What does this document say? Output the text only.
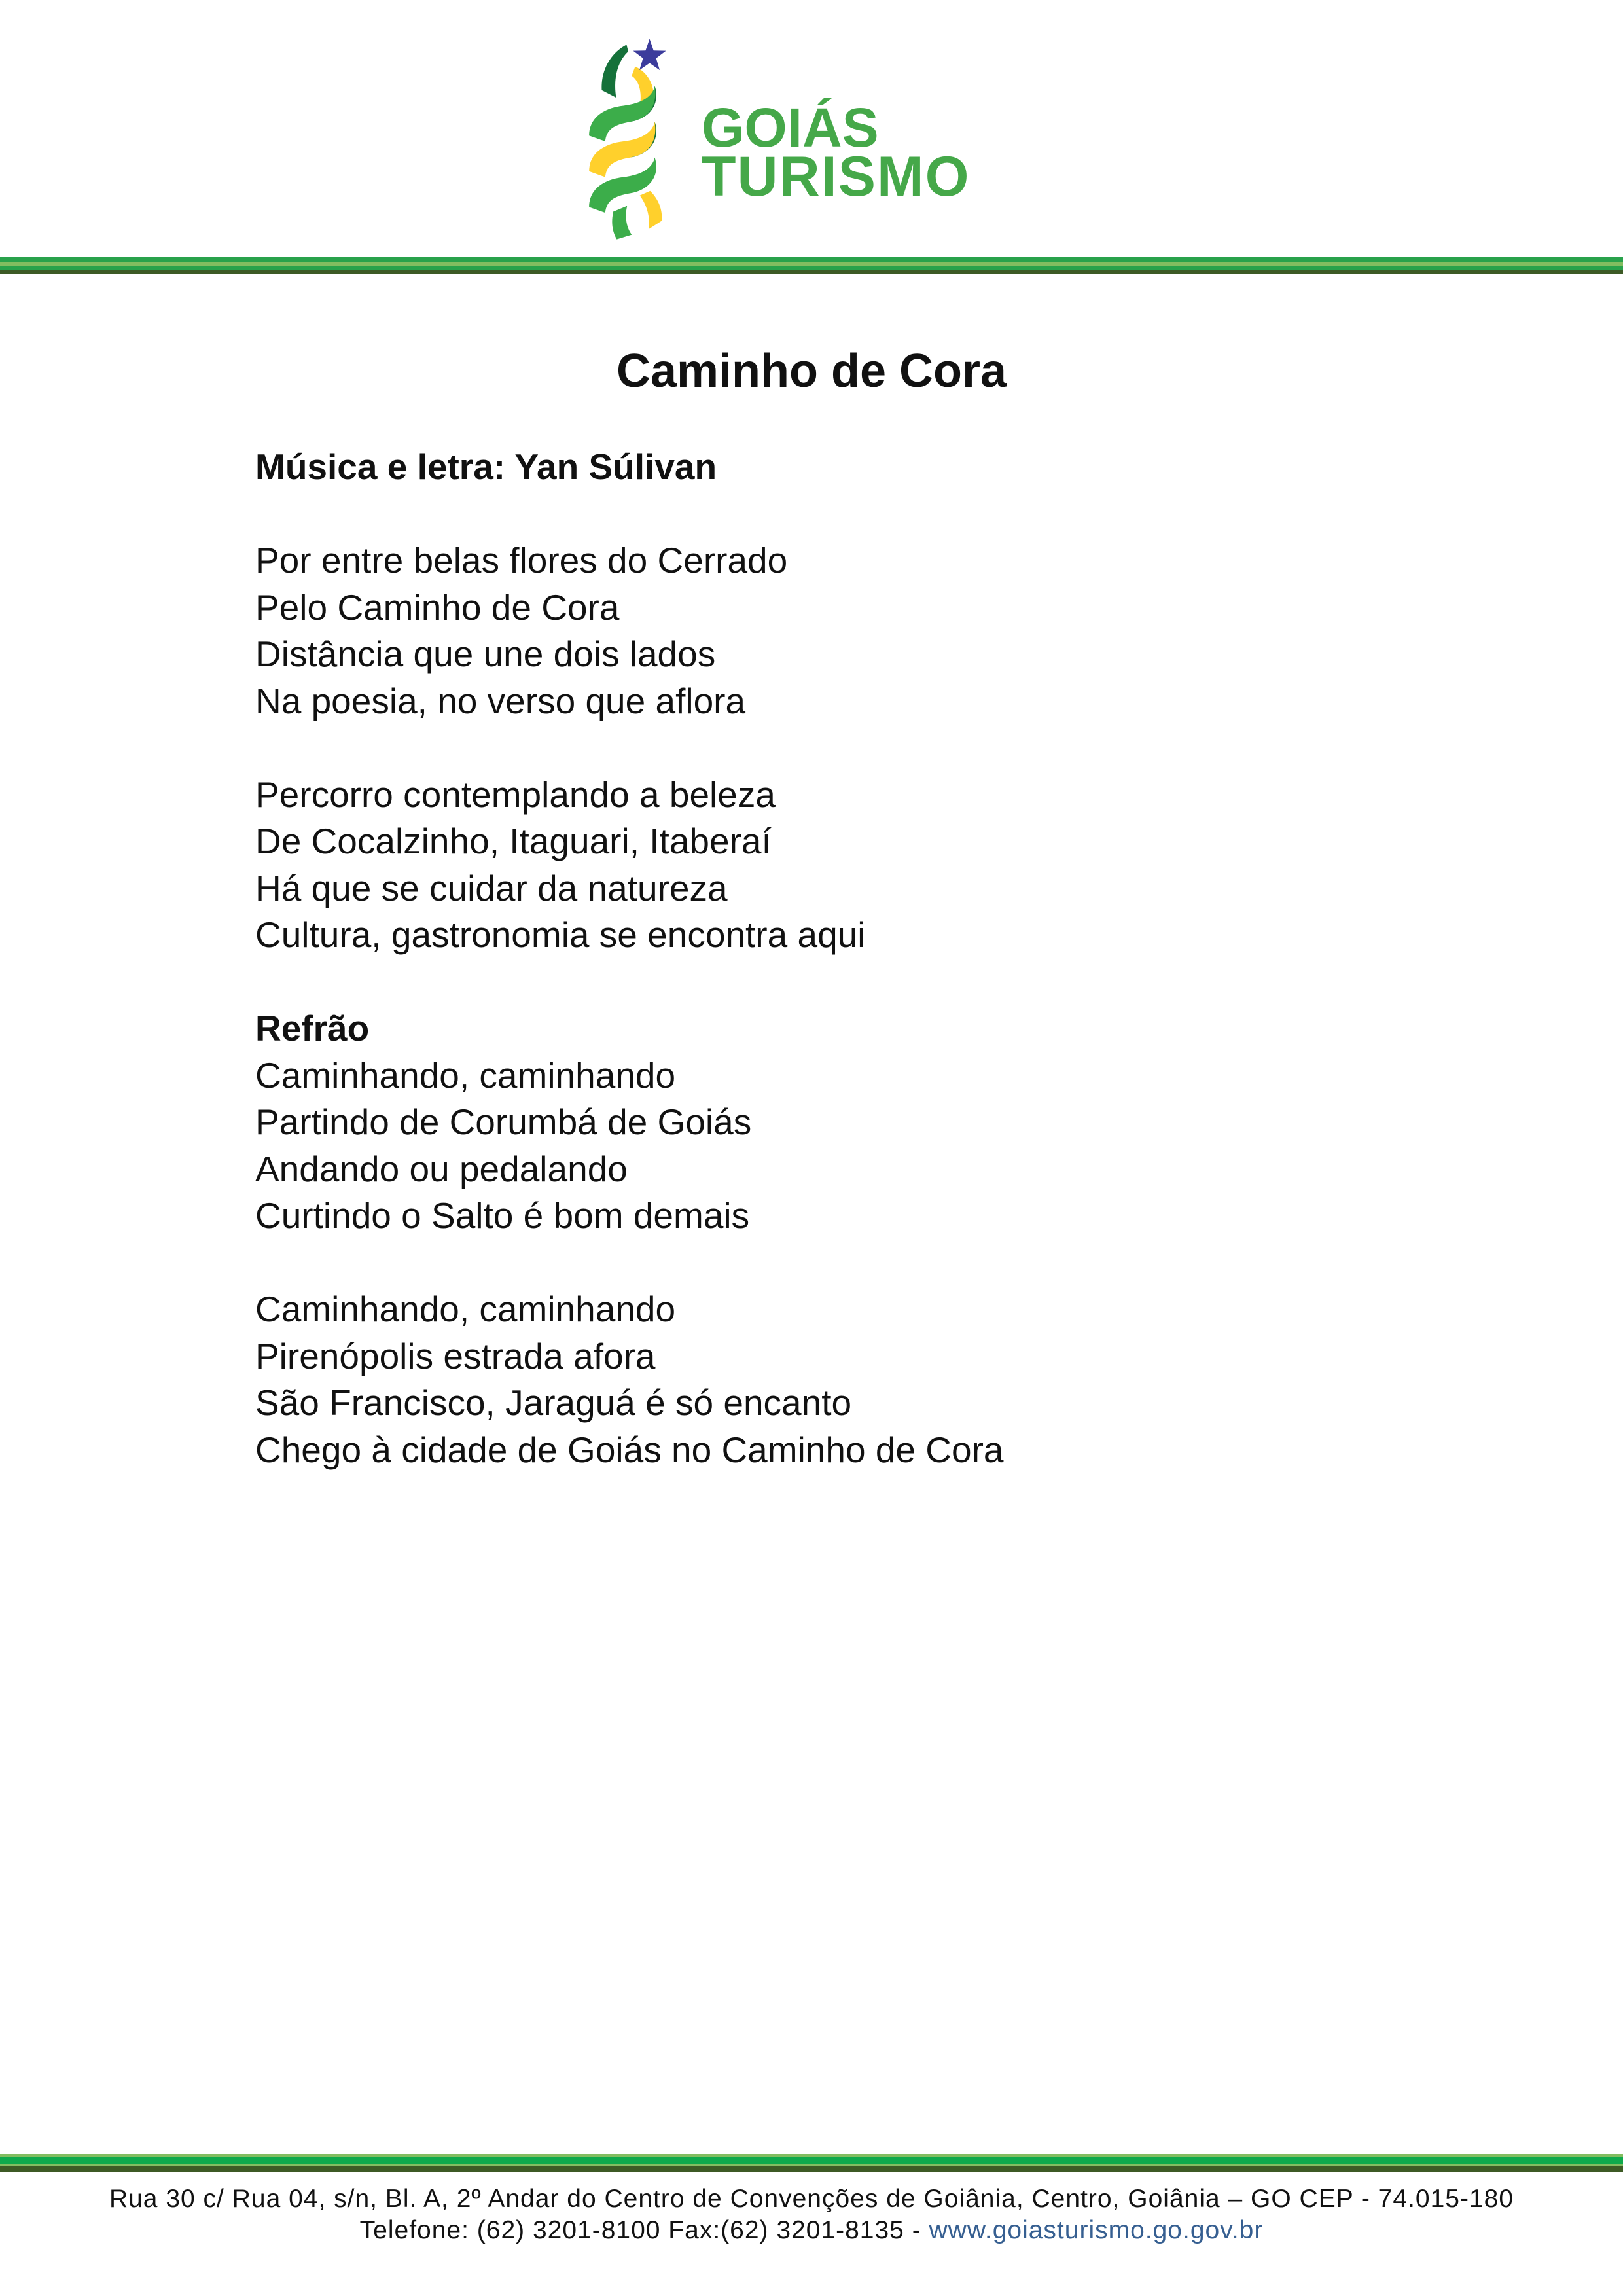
GOIÁS
TURISMO
Caminho de Cora

Música e letra: Yan Súlivan

Por entre belas flores do Cerrado
Pelo Caminho de Cora
Distância que une dois lados
Na poesia, no verso que aflora

Percorro contemplando a beleza
De Cocalzinho, Itaguari, Itaberaí
Há que se cuidar da natureza
Cultura, gastronomia se encontra aqui

Refrão
Caminhando, caminhando
Partindo de Corumbá de Goiás
Andando ou pedalando
Curtindo o Salto é bom demais

Caminhando, caminhando
Pirenópolis estrada afora
São Francisco, Jaraguá é só encanto
Chego à cidade de Goiás no Caminho de Cora

Rua 30 c/ Rua 04, s/n, Bl. A, 2º Andar do Centro de Convenções de Goiânia, Centro, Goiânia – GO CEP - 74.015-180
Telefone: (62) 3201-8100 Fax:(62) 3201-8135 - www.goiasturismo.go.gov.br
